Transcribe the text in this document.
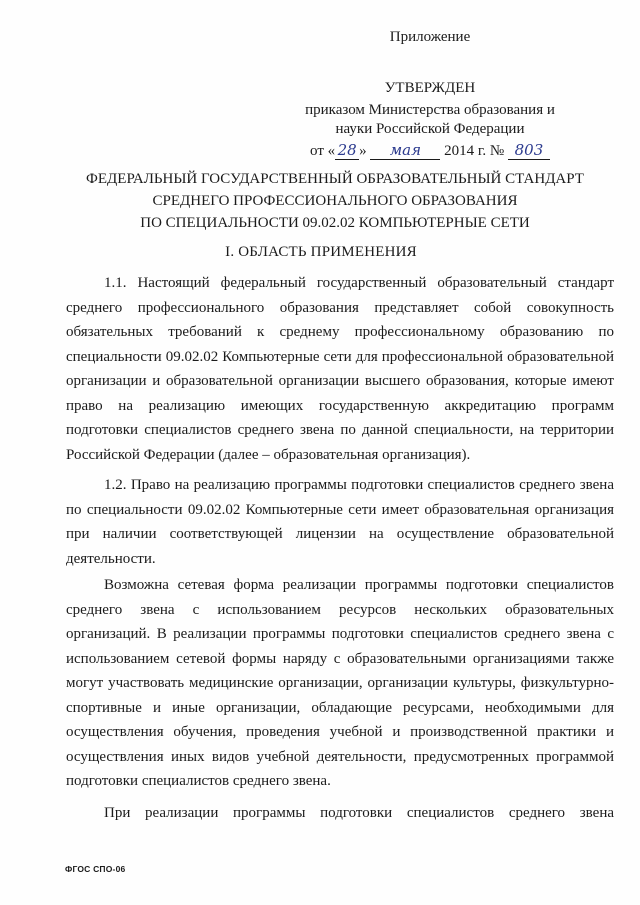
Приложение
УТВЕРЖДЕН
приказом Министерства образования и
науки Российской Федерации
от « 28 » мая 2014 г. № 803
ФЕДЕРАЛЬНЫЙ ГОСУДАРСТВЕННЫЙ ОБРАЗОВАТЕЛЬНЫЙ СТАНДАРТ
СРЕДНЕГО ПРОФЕССИОНАЛЬНОГО ОБРАЗОВАНИЯ
ПО СПЕЦИАЛЬНОСТИ 09.02.02 КОМПЬЮТЕРНЫЕ СЕТИ
I. ОБЛАСТЬ ПРИМЕНЕНИЯ

1.1. Настоящий федеральный государственный образовательный стандарт среднего профессионального образования представляет собой совокупность обязательных требований к среднему профессиональному образованию по специальности 09.02.02 Компьютерные сети для профессиональной образовательной организации и образовательной организации высшего образования, которые имеют право на реализацию имеющих государственную аккредитацию программ подготовки специалистов среднего звена по данной специальности, на территории Российской Федерации (далее – образовательная организация).

1.2. Право на реализацию программы подготовки специалистов среднего звена по специальности 09.02.02 Компьютерные сети имеет образовательная организация при наличии соответствующей лицензии на осуществление образовательной деятельности.

Возможна сетевая форма реализации программы подготовки специалистов среднего звена с использованием ресурсов нескольких образовательных организаций. В реализации программы подготовки специалистов среднего звена с использованием сетевой формы наряду с образовательными организациями также могут участвовать медицинские организации, организации культуры, физкультурно-спортивные и иные организации, обладающие ресурсами, необходимыми для осуществления обучения, проведения учебной и производственной практики и осуществления иных видов учебной деятельности, предусмотренных программой подготовки специалистов среднего звена.

При реализации программы подготовки специалистов среднего звена

ФГОС СПО-06
